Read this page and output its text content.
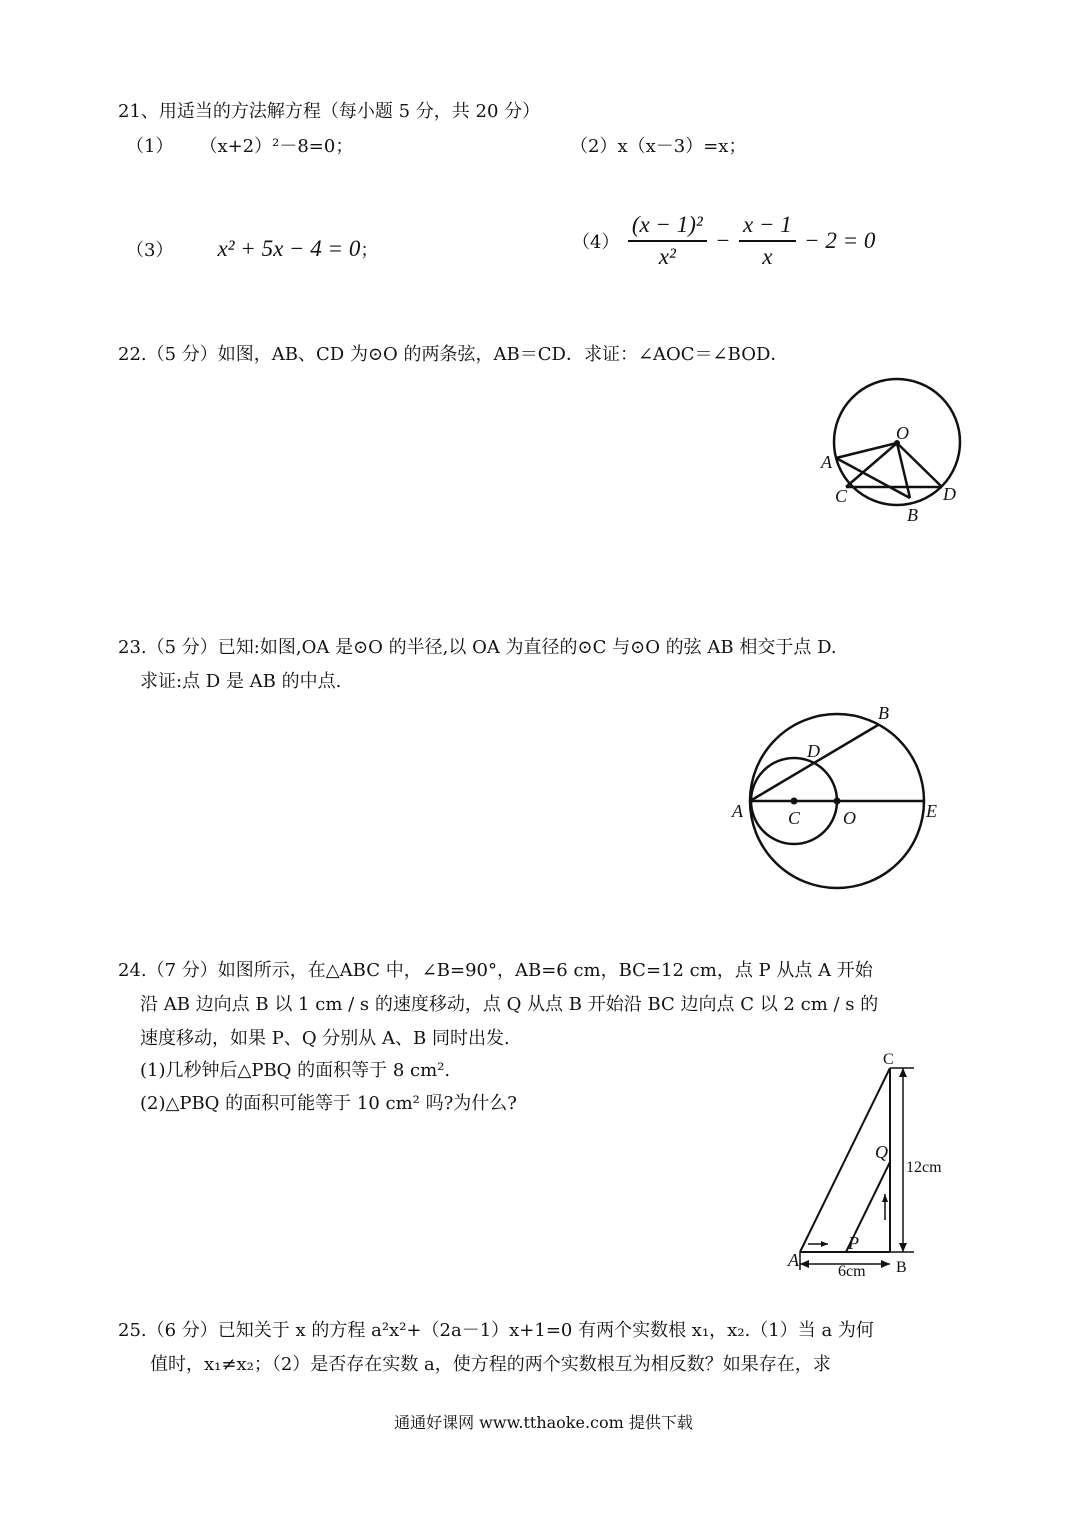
21、用适当的方法解方程（每小题 5 分，共 20 分）
（1） （x+2）²－8=0；	（2）x（x－3）=x；
（3） x² + 5x − 4 = 0；	$(4) \frac{\text{(x − 1)²}}{\text{x²}} - \frac{x - 1}{x} - 2 = 0$
22.（5 分）如图，AB、CD 为⊙O 的两条弦，AB＝CD．求证：∠AOC＝∠BOD．
O
A
C
B
D
23.（5 分）已知:如图,OA 是⊙O 的半径,以 OA 为直径的⊙C 与⊙O 的弦 AB 相交于点 D.
求证:点 D 是 AB 的中点.
A
B
D
C O	E
24.（7 分）如图所示，在△ABC 中，∠B=90°，AB=6 cm，BC=12 cm，点 P 从点 A 开始
沿 AB 边向点 B 以 1 cm / s 的速度移动，点 Q 从点 B 开始沿 BC 边向点 C 以 2 cm / s 的
速度移动，如果 P、Q 分别从 A、B 同时出发.
(1)几秒钟后△PBQ 的面积等于 8 cm².
(2)△PBQ 的面积可能等于 10 cm² 吗?为什么?
C
Q
P
A	B
12cm
6cm
25.（6 分）已知关于 x 的方程 a²x²+（2a－1）x+1=0 有两个实数根 x₁，x₂.（1）当 a 为何
值时，x₁≠x₂；（2）是否存在实数 a，使方程的两个实数根互为相反数？如果存在，求
通通好课网 www.tthaoke.com 提供下载
